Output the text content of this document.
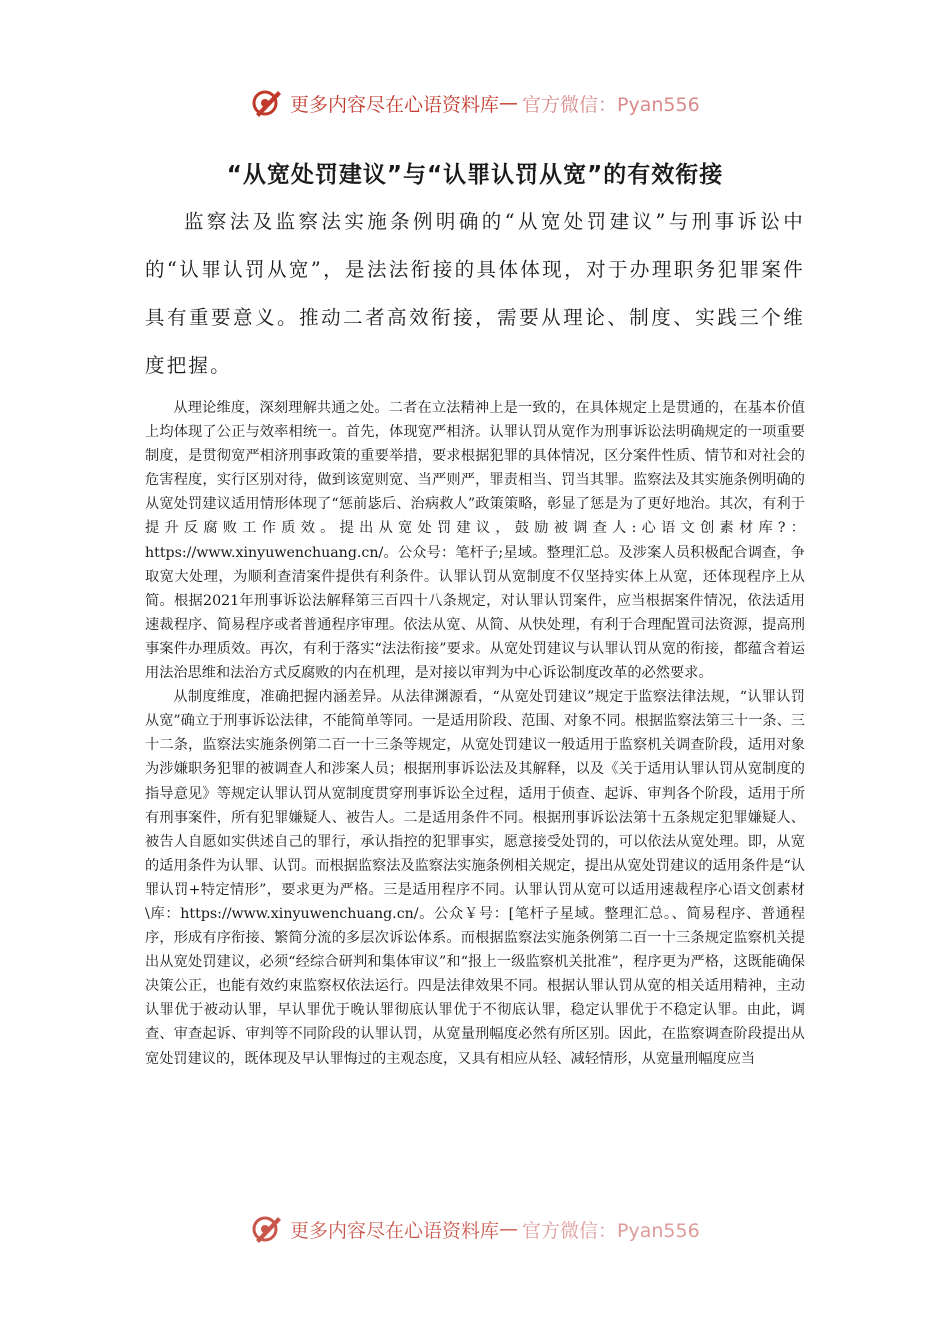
更多内容尽在心语资料库 — 官方微信：Pyan556
“从宽处罚建议”与“认罪认罚从宽”的有效衔接

监察法及监察法实施条例明确的“从宽处罚建议”与刑事诉讼中的“认罪认罚从宽”，是法法衔接的具体体现，对于办理职务犯罪案件具有重要意义。推动二者高效衔接，需要从理论、制度、实践三个维度把握。

从理论维度，深刻理解共通之处。二者在立法精神上是一致的，在具体规定上是贯通的，在基本价值上均体现了公正与效率相统一。首先，体现宽严相济。认罪认罚从宽作为刑事诉讼法明确规定的一项重要制度，是贯彻宽严相济刑事政策的重要举措，要求根据犯罪的具体情况，区分案件性质、情节和对社会的危害程度，实行区别对待，做到该宽则宽、当严则严，罪责相当、罚当其罪。监察法及其实施条例明确的从宽处罚建议适用情形体现了“惩前毖后、治病救人”政策策略，彰显了惩是为了更好地治。其次，有利于提升反腐败工作质效。提出从宽处罚建议，鼓励被调查人:心语文创素材库?：https://www.xinyuwenchuang.cn/。公众号：笔杆子;星域。整理汇总。及涉案人员积极配合调查，争取宽大处理，为顺利查清案件提供有利条件。认罪认罚从宽制度不仅坚持实体上从宽，还体现程序上从简。根据2021年刑事诉讼法解释第三百四十八条规定，对认罪认罚案件，应当根据案件情况，依法适用速裁程序、简易程序或者普通程序审理。依法从宽、从简、从快处理，有利于合理配置司法资源，提高刑事案件办理质效。再次，有利于落实“法法衔接”要求。从宽处罚建议与认罪认罚从宽的衔接，都蕴含着运用法治思维和法治方式反腐败的内在机理，是对接以审判为中心诉讼制度改革的必然要求。

从制度维度，准确把握内涵差异。从法律渊源看，“从宽处罚建议”规定于监察法律法规，“认罪认罚从宽”确立于刑事诉讼法律，不能简单等同。一是适用阶段、范围、对象不同。根据监察法第三十一条、三十二条，监察法实施条例第二百一十三条等规定，从宽处罚建议一般适用于监察机关调查阶段，适用对象为涉嫌职务犯罪的被调查人和涉案人员；根据刑事诉讼法及其解释，以及《关于适用认罪认罚从宽制度的指导意见》等规定认罪认罚从宽制度贯穿刑事诉讼全过程，适用于侦查、起诉、审判各个阶段，适用于所有刑事案件，所有犯罪嫌疑人、被告人。二是适用条件不同。根据刑事诉讼法第十五条规定犯罪嫌疑人、被告人自愿如实供述自己的罪行，承认指控的犯罪事实，愿意接受处罚的，可以依法从宽处理。即，从宽的适用条件为认罪、认罚。而根据监察法及监察法实施条例相关规定，提出从宽处罚建议的适用条件是“认罪认罚+特定情形”，要求更为严格。三是适用程序不同。认罪认罚从宽可以适用速裁程序心语文创素材\库：https://www.xinyuwenchuang.cn/。公众￥号：[笔杆子星域。整理汇总。、简易程序、普通程序，形成有序衔接、繁简分流的多层次诉讼体系。而根据监察法实施条例第二百一十三条规定监察机关提出从宽处罚建议，必须“经综合研判和集体审议”和“报上一级监察机关批准”，程序更为严格，这既能确保决策公正，也能有效约束监察权依法运行。四是法律效果不同。根据认罪认罚从宽的相关适用精神，主动认罪优于被动认罪，早认罪优于晚认罪彻底认罪优于不彻底认罪，稳定认罪优于不稳定认罪。由此，调查、审查起诉、审判等不同阶段的认罪认罚，从宽量刑幅度必然有所区别。因此，在监察调查阶段提出从宽处罚建议的，既体现及早认罪悔过的主观态度，又具有相应从轻、减轻情形，从宽量刑幅度应当

更多内容尽在心语资料库 — 官方微信：Pyan556
